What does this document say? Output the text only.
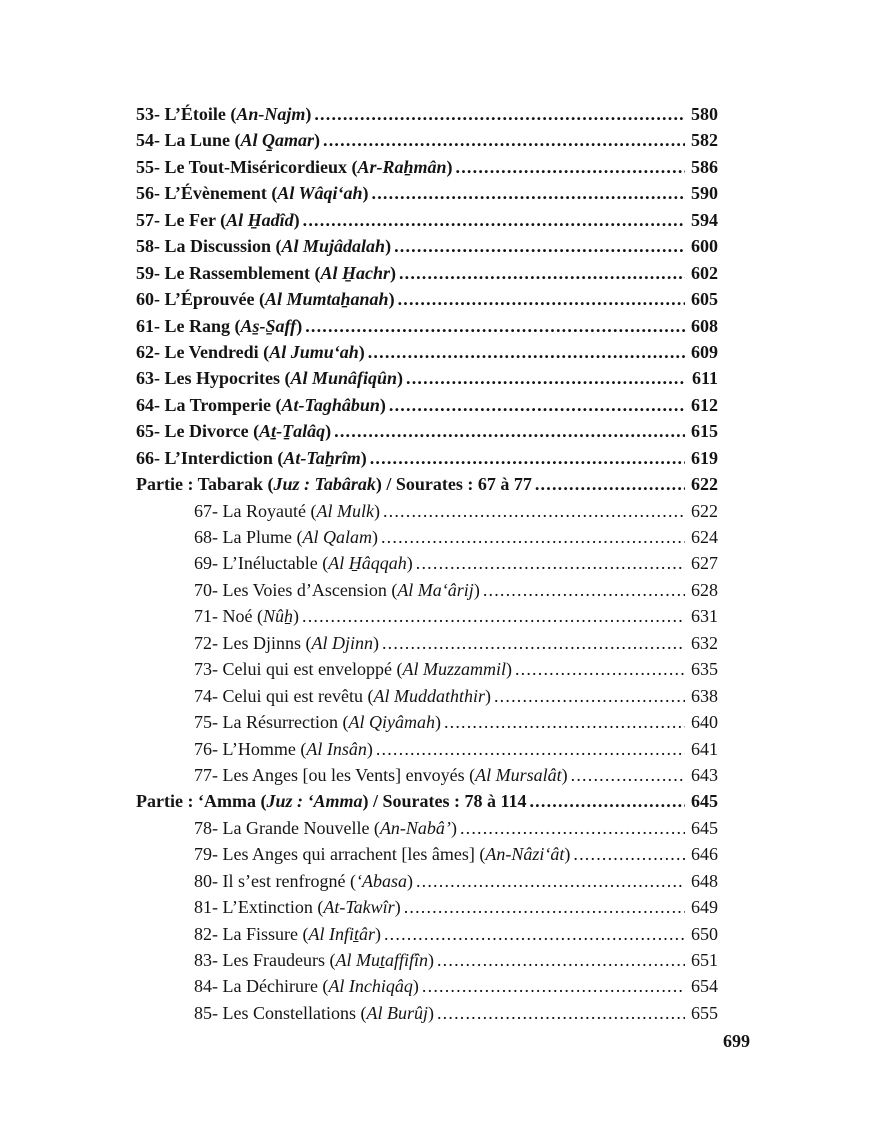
53- L’Étoile (An-Najm) .....	580
54- La Lune (Al Q̱amar) .....	582
55- Le Tout-Miséricordieux (Ar-Raẖmân) .....	586
56- L’Évènement (Al Wâqi‘ah) .....	590
57- Le Fer (Al H̱adîd) .....	594
58- La Discussion (Al Mujâdalah) .....	600
59- Le Rassemblement (Al H̱achr) .....	602
60- L’Éprouvée (Al Mumtaẖanah) .....	605
61- Le Rang (As̱-S̱aff) .....	608
62- Le Vendredi (Al Jumu‘ah) .....	609
63- Les Hypocrites (Al Munâfiqûn) .....	611
64- La Tromperie (At-Taghâbun) .....	612
65- Le Divorce (Aṯ-Ṯalâq) .....	615
66- L’Interdiction (At-Taẖrîm) .....	619
Partie : Tabarak (Juz : Tabârak) / Sourates : 67 à 77 .....	622
67- La Royauté (Al Mulk) .....	622
68- La Plume (Al Qalam) .....	624
69- L’Inéluctable (Al H̱âqqah) .....	627
70- Les Voies d’Ascension (Al Ma‘ârij) .....	628
71- Noé (Nûẖ) .....	631
72- Les Djinns (Al Djinn) .....	632
73- Celui qui est enveloppé (Al Muzzammil) .....	635
74- Celui qui est revêtu (Al Muddaththir) .....	638
75- La Résurrection (Al Qiyâmah) .....	640
76- L’Homme (Al Insân) .....	641
77- Les Anges [ou les Vents] envoyés (Al Mursalât) .....	643
Partie : ‘Amma (Juz : ‘Amma) / Sourates : 78 à 114 .....	645
78- La Grande Nouvelle (An-Nabâ’) .....	645
79- Les Anges qui arrachent [les âmes] (An-Nâzi‘ât) .....	646
80- Il s’est renfrogné (‘Abasa) .....	648
81- L’Extinction (At-Takwîr) .....	649
82- La Fissure (Al Infiṯâr) .....	650
83- Les Fraudeurs (Al Muṯaffifîn) .....	651
84- La Déchirure (Al Inchiqâq) .....	654
85- Les Constellations (Al Burûj) .....	655
699
